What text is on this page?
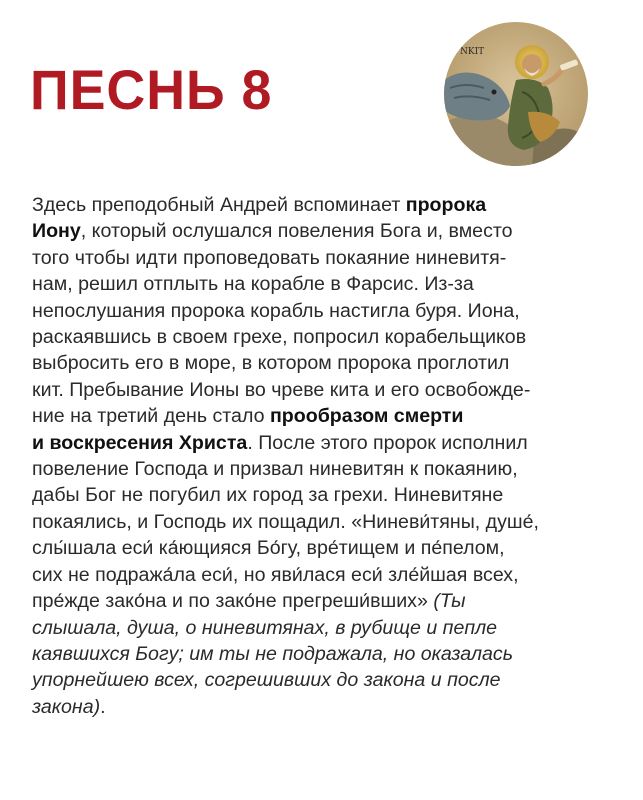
ПЕСНЬ 8
ΝΚΙΤ
Здесь преподобный Андрей вспоминает пророка
Иону, который ослушался повеления Бога и, вместо
того чтобы идти проповедовать покаяние ниневитя-
нам, решил отплыть на корабле в Фарсис. Из-за
непослушания пророка корабль настигла буря. Иона,
раскаявшись в своем грехе, попросил корабельщиков
выбросить его в море, в котором пророка проглотил
кит. Пребывание Ионы во чреве кита и его освобожде-
ние на третий день стало прообразом смерти
и воскресения Христа. После этого пророк исполнил
повеление Господа и призвал ниневитян к покаянию,
дабы Бог не погубил их город за грехи. Ниневитяне
покаялись, и Господь их пощадил. «Ниневи́тяны, душе́,
слы́шала еси́ ка́ющияся Бо́гу, вре́тищем и пе́пелом,
сих не подража́ла еси́, но яви́лася еси́ зле́йшая всех,
пре́жде зако́на и по зако́не прегреши́вших» (Ты
слышала, душа, о ниневитянах, в рубище и пепле
каявшихся Богу; им ты не подражала, но оказалась
упорнейшею всех, согрешивших до закона и после
закона).
